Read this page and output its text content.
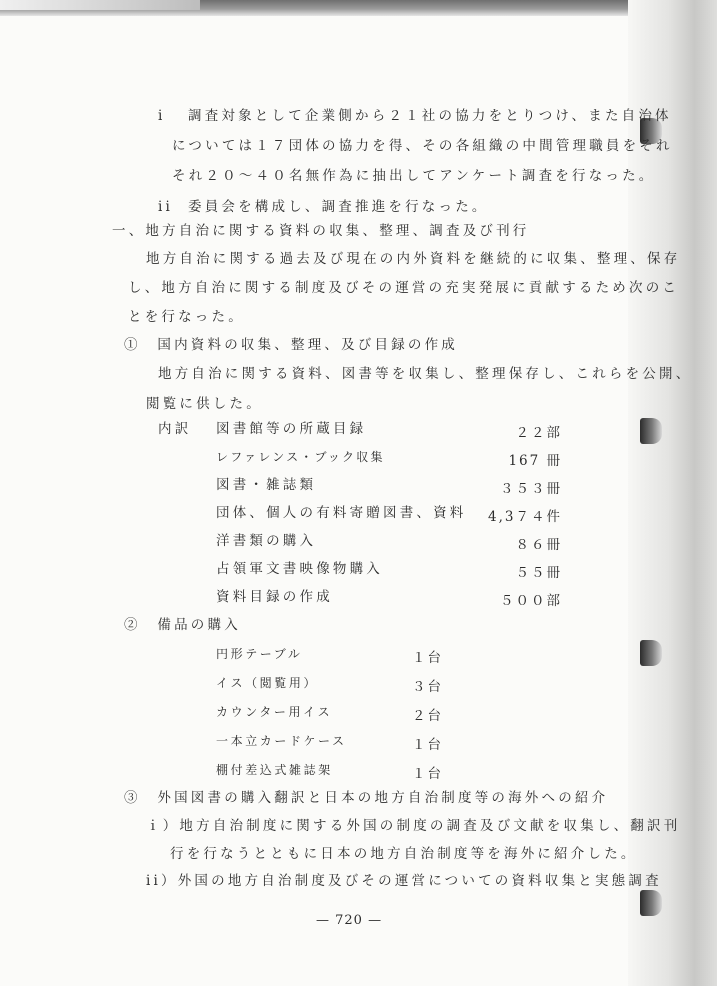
i 調査対象として企業側から２１社の協力をとりつけ、また自治体
については１７団体の協力を得、その各組織の中間管理職員をそれ
それ２０〜４０名無作為に抽出してアンケート調査を行なった。
ii 委員会を構成し、調査推進を行なった。
一、地方自治に関する資料の収集、整理、調査及び刊行
地方自治に関する過去及び現在の内外資料を継続的に収集、整理、保存
し、地方自治に関する制度及びその運営の充実発展に貢献するため次のこ
とを行なった。
①　国内資料の収集、整理、及び目録の作成
地方自治に関する資料、図書等を収集し、整理保存し、これらを公開、
閲覧に供した。
内訳 図書館等の所蔵目録	２２部
レファレンス・ブック収集	167 冊
図書・雑誌類	３５３冊
団体、個人の有料寄贈図書、資料 4,3７４件
洋書類の購入	８６冊
占領軍文書映像物購入	５５冊
資料目録の作成	５００部
②　備品の購入
円形テーブル	１台
イス（閲覧用）	３台
カウンター用イス	２台
一本立カードケース	１台
棚付差込式雑誌架	１台
③　外国図書の購入翻訳と日本の地方自治制度等の海外への紹介
ｉ）地方自治制度に関する外国の制度の調査及び文献を収集し、翻訳刊
行を行なうとともに日本の地方自治制度等を海外に紹介した。
ii）外国の地方自治制度及びその運営についての資料収集と実態調査
— 720 —
